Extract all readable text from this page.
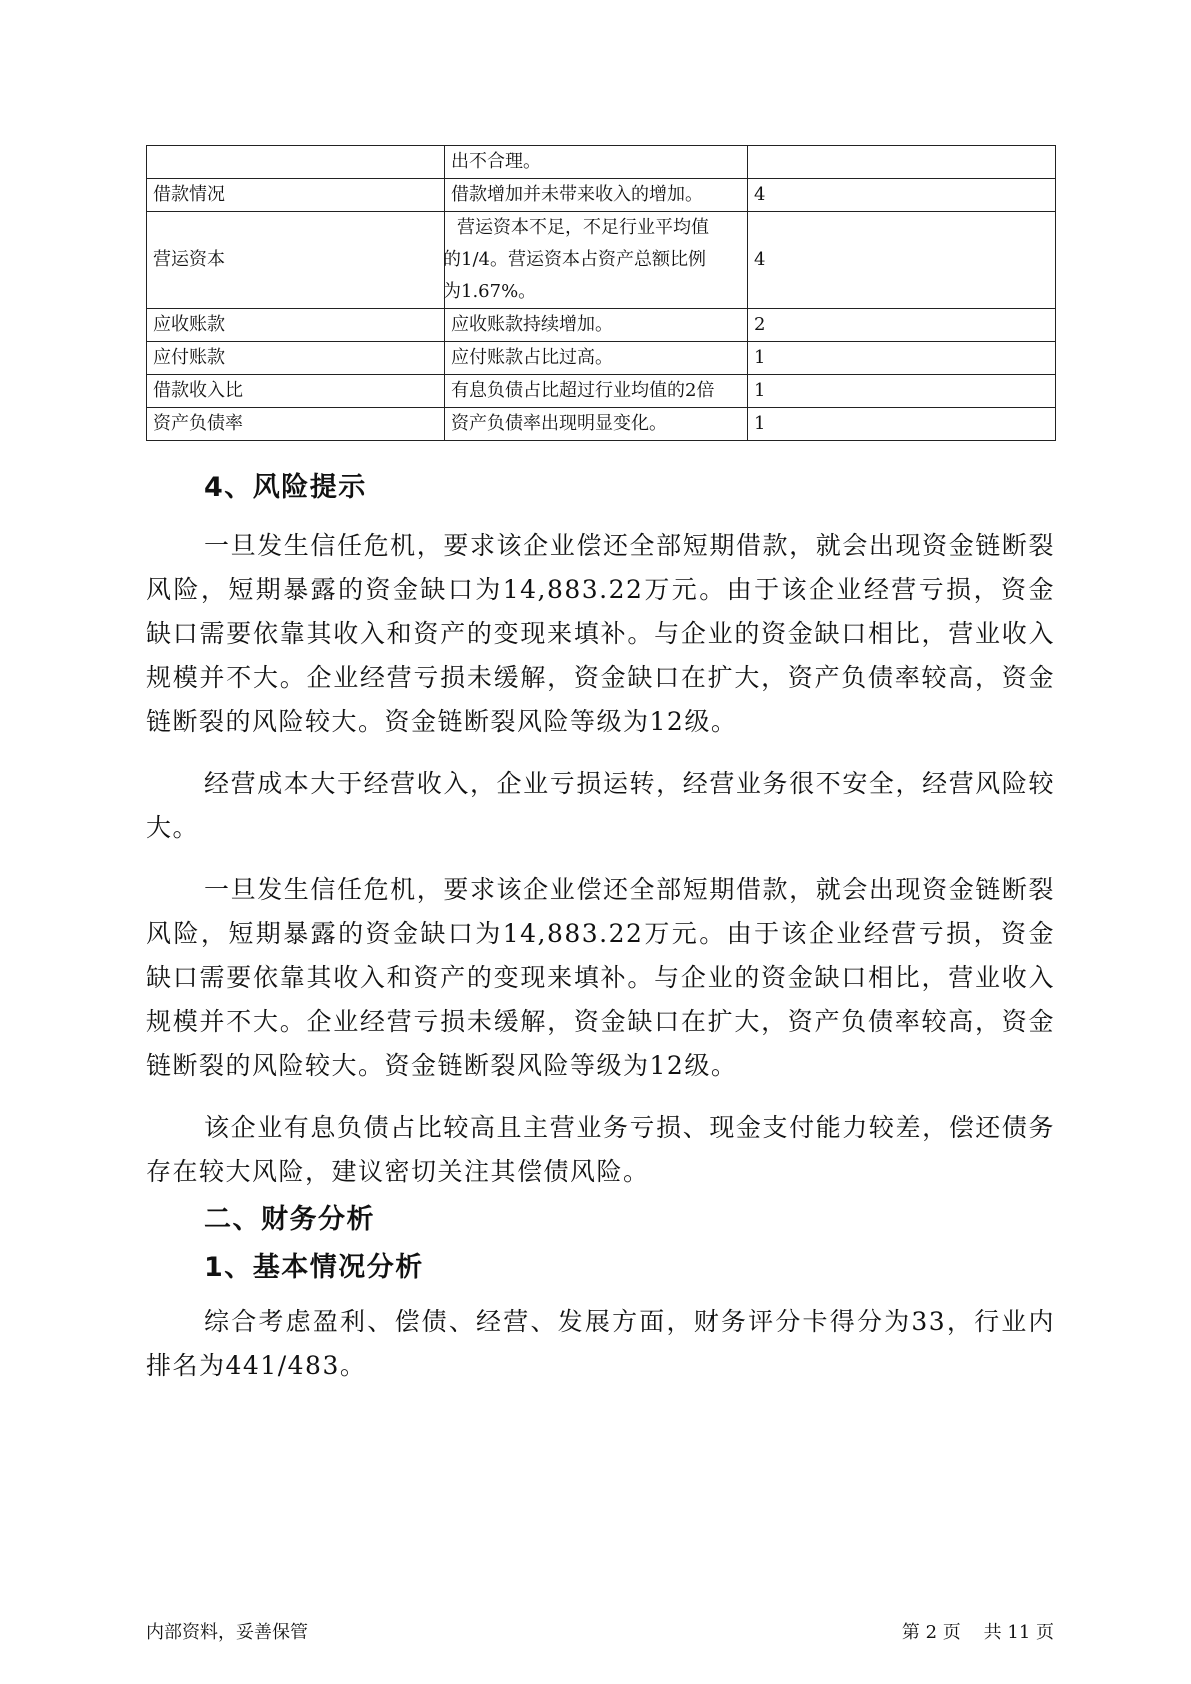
	出不合理。	

借款情况	借款增加并未带来收入的增加。	4
营运资本	营运资本不足，不足行业平均值
的1/4。营运资本占资产总额比例
为1.67%。	4
应收账款	应收账款持续增加。	2
应付账款	应付账款占比过高。	1
借款收入比	有息负债占比超过行业均值的2倍	1
资产负债率	资产负债率出现明显变化。	1
4、风险提示

一旦发生信任危机，要求该企业偿还全部短期借款，就会出现资金链断裂风险，短期暴露的资金缺口为14,883.22万元。由于该企业经营亏损，资金缺口需要依靠其收入和资产的变现来填补。与企业的资金缺口相比，营业收入规模并不大。企业经营亏损未缓解，资金缺口在扩大，资产负债率较高，资金链断裂的风险较大。资金链断裂风险等级为12级。

经营成本大于经营收入，企业亏损运转，经营业务很不安全，经营风险较大。

一旦发生信任危机，要求该企业偿还全部短期借款，就会出现资金链断裂风险，短期暴露的资金缺口为14,883.22万元。由于该企业经营亏损，资金缺口需要依靠其收入和资产的变现来填补。与企业的资金缺口相比，营业收入规模并不大。企业经营亏损未缓解，资金缺口在扩大，资产负债率较高，资金链断裂的风险较大。资金链断裂风险等级为12级。

该企业有息负债占比较高且主营业务亏损、现金支付能力较差，偿还债务存在较大风险，建议密切关注其偿债风险。

二、财务分析
1、基本情况分析

综合考虑盈利、偿债、经营、发展方面，财务评分卡得分为33，行业内排名为441/483。

内部资料，妥善保管	第 2 页    共 11 页
